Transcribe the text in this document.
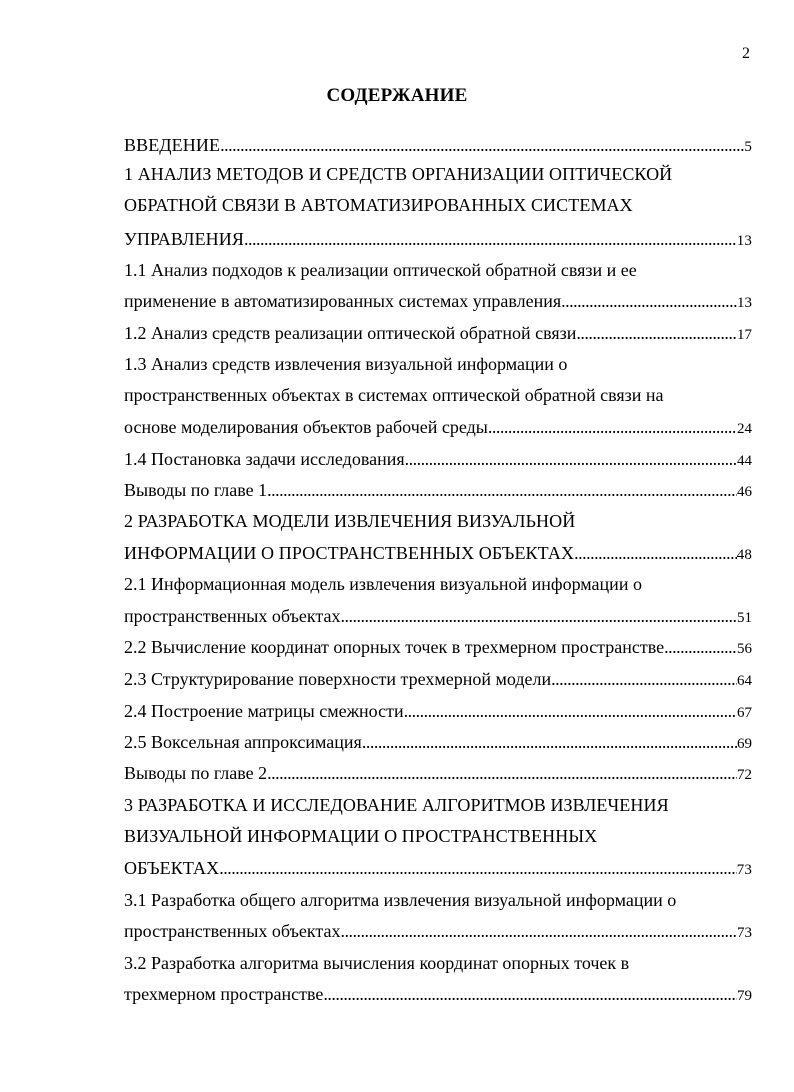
2
СОДЕРЖАНИЕ
ВВЕДЕНИЕ .....	5
1 АНАЛИЗ МЕТОДОВ И СРЕДСТВ ОРГАНИЗАЦИИ ОПТИЧЕСКОЙ
ОБРАТНОЙ СВЯЗИ В АВТОМАТИЗИРОВАННЫХ СИСТЕМАХ
УПРАВЛЕНИЯ .....	13
1.1 Анализ подходов к реализации оптической обратной связи и ее
применение в автоматизированных системах управления .....	13
1.2 Анализ средств реализации оптической обратной связи .....	17
1.3 Анализ средств извлечения визуальной информации о
пространственных объектах в системах оптической обратной связи на
основе моделирования объектов рабочей среды .....	24
1.4 Постановка задачи исследования .....	44
Выводы по главе 1 .....	46
2 РАЗРАБОТКА МОДЕЛИ ИЗВЛЕЧЕНИЯ ВИЗУАЛЬНОЙ
ИНФОРМАЦИИ О ПРОСТРАНСТВЕННЫХ ОБЪЕКТАХ .....	48
2.1 Информационная модель извлечения визуальной информации о
пространственных объектах .....	51
2.2 Вычисление координат опорных точек в трехмерном пространстве .....	56
2.3 Структурирование поверхности трехмерной модели .....	64
2.4 Построение матрицы смежности .....	67
2.5 Воксельная аппроксимация .....	69
Выводы по главе 2 .....	72
3 РАЗРАБОТКА И ИССЛЕДОВАНИЕ АЛГОРИТМОВ ИЗВЛЕЧЕНИЯ
ВИЗУАЛЬНОЙ ИНФОРМАЦИИ О ПРОСТРАНСТВЕННЫХ
ОБЪЕКТАХ .....	73
3.1 Разработка общего алгоритма извлечения визуальной информации о
пространственных объектах .....	73
3.2 Разработка алгоритма вычисления координат опорных точек в
трехмерном пространстве .....	79
